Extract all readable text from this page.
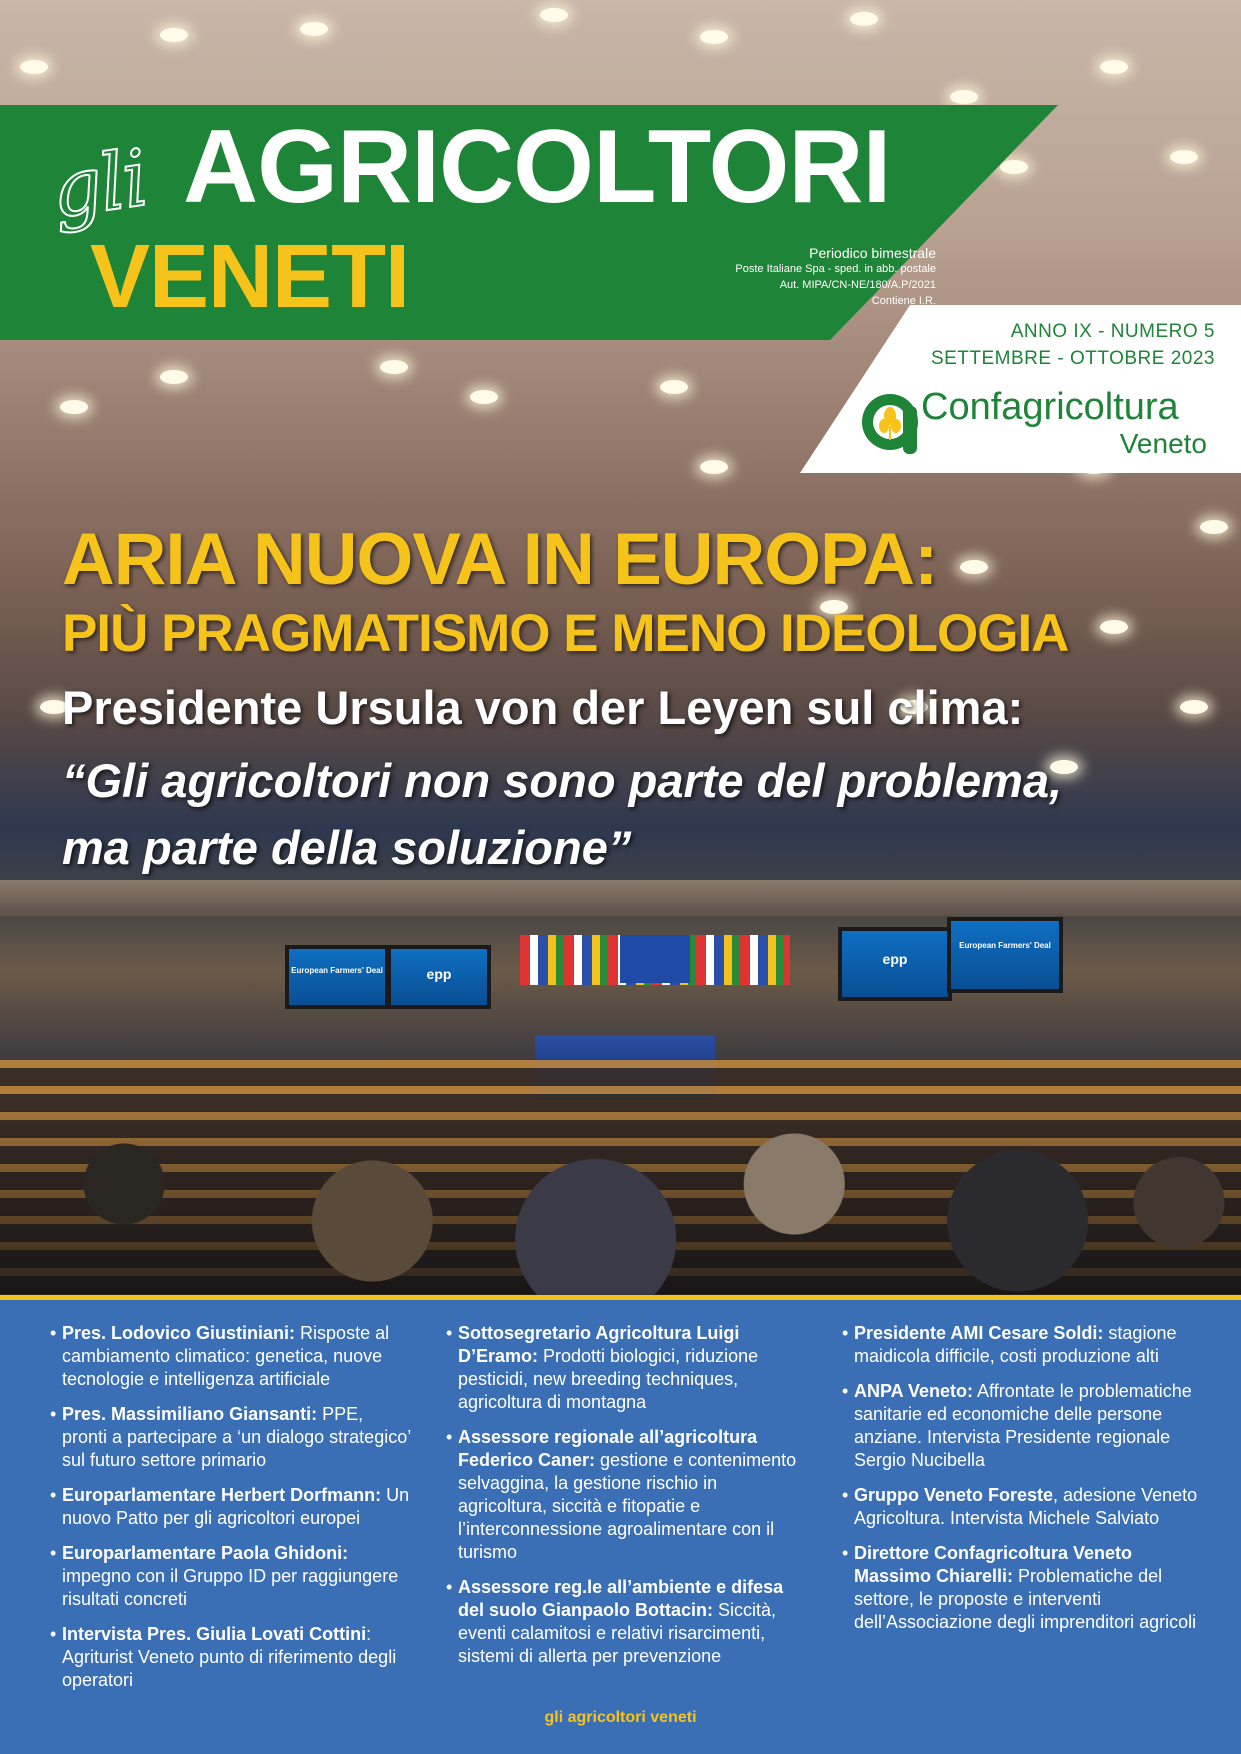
European Farmers' Deal	epp
epp
European Farmers' Deal
gli AGRICOLTORI
VENETI	Periodico bimestrale
Poste Italiane Spa - sped. in abb. postale
Aut. MIPA/CN-NE/180/A.P/2021
Contiene I.R.
ANNO IX - NUMERO 5
SETTEMBRE - OTTOBRE 2023
Confagricoltura
Veneto
ARIA NUOVA IN EUROPA:
PIÙ PRAGMATISMO E MENO IDEOLOGIA
Presidente Ursula von der Leyen sul clima:
“Gli agricoltori non sono parte del problema,
ma parte della soluzione”
• Pres. Lodovico Giustiniani: Risposte al cambiamento climatico: genetica, nuove tecnologie e intelligenza artificiale
• Pres. Massimiliano Giansanti: PPE, pronti a partecipare a ‘un dialogo strategico’ sul futuro settore primario
• Europarlamentare Herbert Dorfmann: Un nuovo Patto per gli agricoltori europei
• Europarlamentare Paola Ghidoni: impegno con il Gruppo ID per raggiungere risultati concreti
• Intervista Pres. Giulia Lovati Cottini: Agriturist Veneto punto di riferimento degli operatori
• Sottosegretario Agricoltura Luigi D’Eramo: Prodotti biologici, riduzione pesticidi, new breeding techniques, agricoltura di montagna
• Assessore regionale all’agricoltura Federico Caner: gestione e contenimento selvaggina, la gestione rischio in agricoltura, siccità e fitopatie e l’interconnessione agroalimentare con il turismo
• Assessore reg.le all’ambiente e difesa del suolo Gianpaolo Bottacin: Siccità, eventi calamitosi e relativi risarcimenti, sistemi di allerta per prevenzione
• Presidente AMI Cesare Soldi: stagione maidicola difficile, costi produzione alti
• ANPA Veneto: Affrontate le problematiche sanitarie ed economiche delle persone anziane. Intervista Presidente regionale Sergio Nucibella
• Gruppo Veneto Foreste, adesione Veneto Agricoltura. Intervista Michele Salviato
• Direttore Confagricoltura Veneto Massimo Chiarelli: Problematiche del settore, le proposte e interventi dell’Associazione degli imprenditori agricoli
gli agricoltori veneti
